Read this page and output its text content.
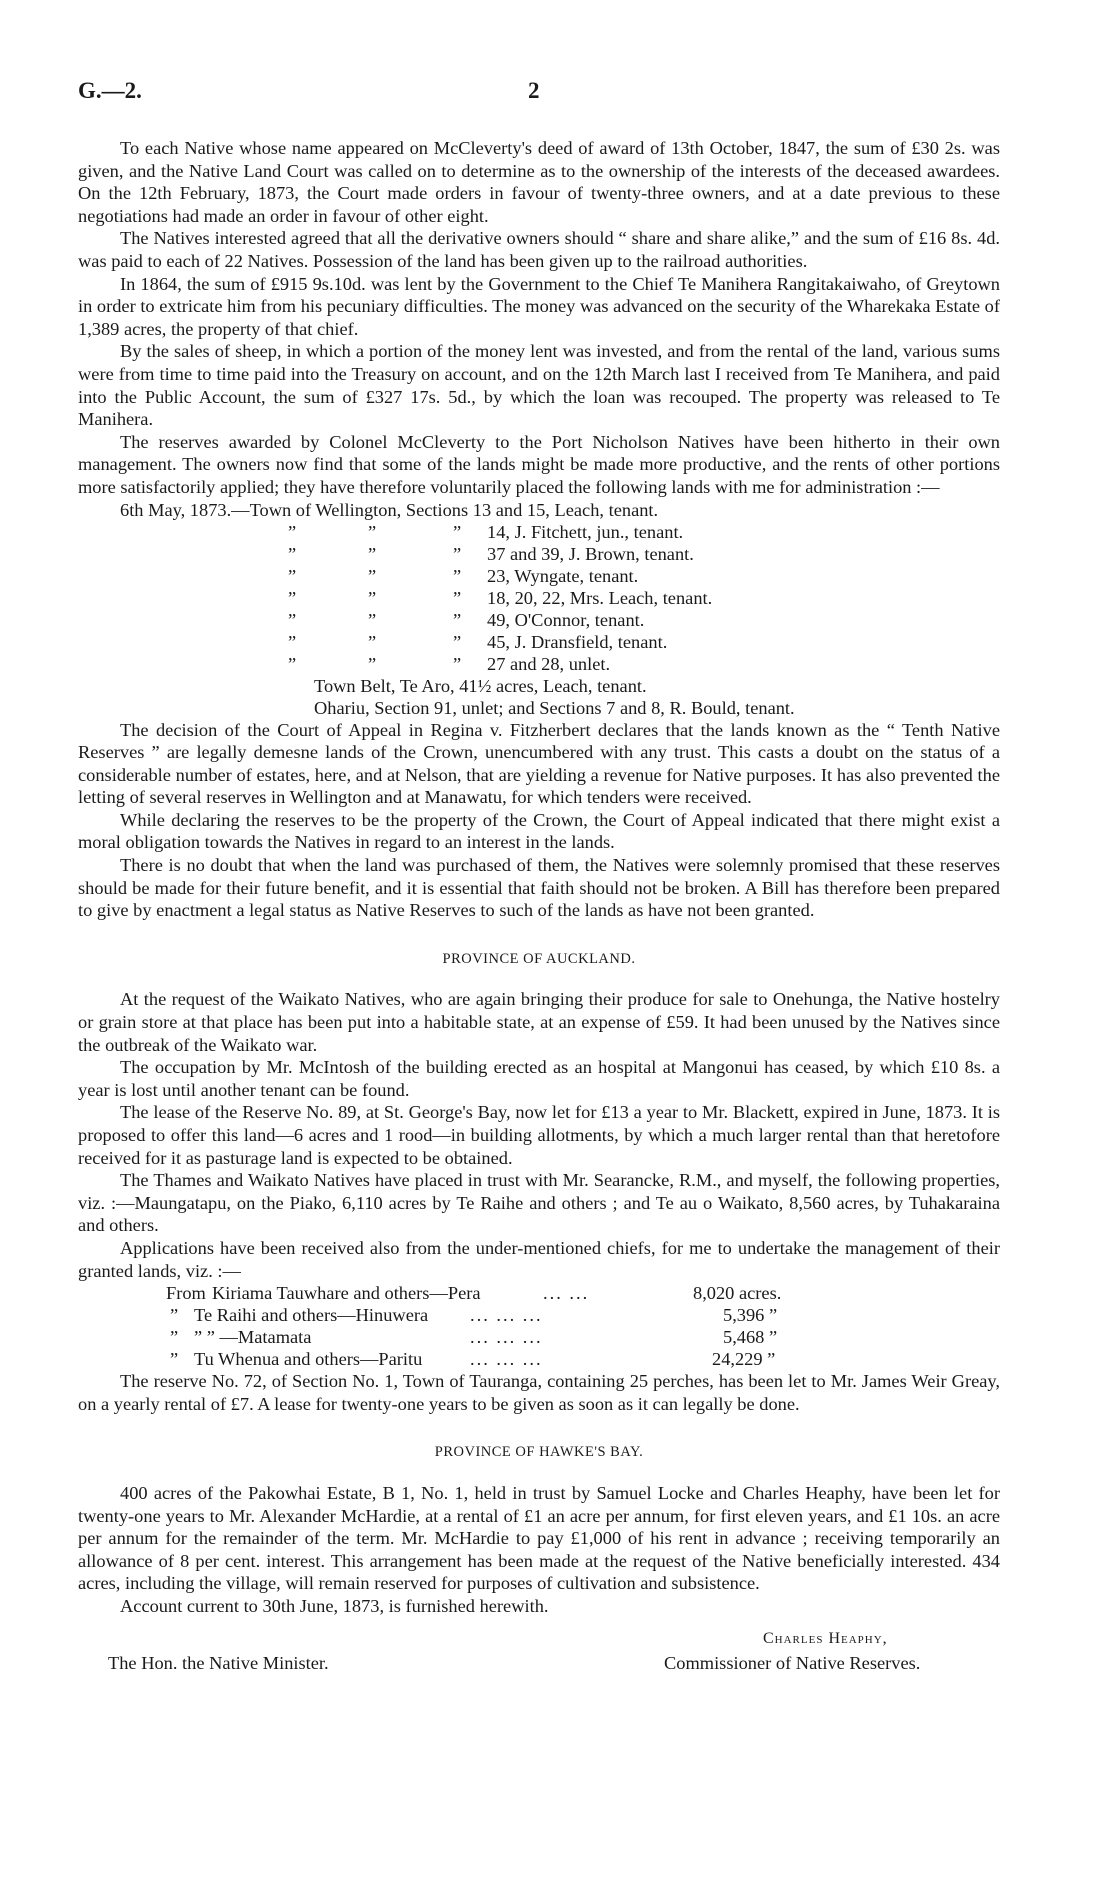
G.—2.	2

To each Native whose name appeared on McCleverty's deed of award of 13th October, 1847, the sum of £30 2s. was given, and the Native Land Court was called on to determine as to the ownership of the interests of the deceased awardees. On the 12th February, 1873, the Court made orders in favour of twenty-three owners, and at a date previous to these negotiations had made an order in favour of other eight.

The Natives interested agreed that all the derivative owners should “ share and share alike,” and the sum of £16 8s. 4d. was paid to each of 22 Natives. Possession of the land has been given up to the railroad authorities.

In 1864, the sum of £915 9s.10d. was lent by the Government to the Chief Te Manihera Rangitakaiwaho, of Greytown in order to extricate him from his pecuniary difficulties. The money was advanced on the security of the Wharekaka Estate of 1,389 acres, the property of that chief.

By the sales of sheep, in which a portion of the money lent was invested, and from the rental of the land, various sums were from time to time paid into the Treasury on account, and on the 12th March last I received from Te Manihera, and paid into the Public Account, the sum of £327 17s. 5d., by which the loan was recouped. The property was released to Te Manihera.

The reserves awarded by Colonel McCleverty to the Port Nicholson Natives have been hitherto in their own management. The owners now find that some of the lands might be made more productive, and the rents of other portions more satisfactorily applied; they have therefore voluntarily placed the following lands with me for administration :—

6th May, 1873.—Town of Wellington, Sections 13 and 15, Leach, tenant.
”	”	” 14, J. Fitchett, jun., tenant.
”	”	” 37 and 39, J. Brown, tenant.
”	”	” 23, Wyngate, tenant.
”	”	” 18, 20, 22, Mrs. Leach, tenant.
”	”	” 49, O'Connor, tenant.
”	”	” 45, J. Dransfield, tenant.
”	”	” 27 and 28, unlet.
Town Belt, Te Aro, 41½ acres, Leach, tenant.
Ohariu, Section 91, unlet; and Sections 7 and 8, R. Bould, tenant.

The decision of the Court of Appeal in Regina v. Fitzherbert declares that the lands known as the “ Tenth Native Reserves ” are legally demesne lands of the Crown, unencumbered with any trust. This casts a doubt on the status of a considerable number of estates, here, and at Nelson, that are yielding a revenue for Native purposes. It has also prevented the letting of several reserves in Wellington and at Manawatu, for which tenders were received.

While declaring the reserves to be the property of the Crown, the Court of Appeal indicated that there might exist a moral obligation towards the Natives in regard to an interest in the lands.

There is no doubt that when the land was purchased of them, the Natives were solemnly promised that these reserves should be made for their future benefit, and it is essential that faith should not be broken. A Bill has therefore been prepared to give by enactment a legal status as Native Reserves to such of the lands as have not been granted.

PROVINCE OF AUCKLAND.

At the request of the Waikato Natives, who are again bringing their produce for sale to Onehunga, the Native hostelry or grain store at that place has been put into a habitable state, at an expense of £59. It had been unused by the Natives since the outbreak of the Waikato war.

The occupation by Mr. McIntosh of the building erected as an hospital at Mangonui has ceased, by which £10 8s. a year is lost until another tenant can be found.

The lease of the Reserve No. 89, at St. George's Bay, now let for £13 a year to Mr. Blackett, expired in June, 1873. It is proposed to offer this land—6 acres and 1 rood—in building allotments, by which a much larger rental than that heretofore received for it as pasturage land is expected to be obtained.

The Thames and Waikato Natives have placed in trust with Mr. Searancke, R.M., and myself, the following properties, viz. :—Maungatapu, on the Piako, 6,110 acres by Te Raihe and others ; and Te au o Waikato, 8,560 acres, by Tuhakaraina and others.

Applications have been received also from the under-mentioned chiefs, for me to undertake the management of their granted lands, viz. :—

From Kiriama Tauwhare and others—Pera	... ...	8,020 acres.
” Te Raihi and others—Hinuwera ... ... ...	5,396 ”
” ” ” —Matamata	... ... ...	5,468 ”
” Tu Whenua and others—Paritu	... ... ...	24,229 ”

The reserve No. 72, of Section No. 1, Town of Tauranga, containing 25 perches, has been let to Mr. James Weir Greay, on a yearly rental of £7. A lease for twenty-one years to be given as soon as it can legally be done.

PROVINCE OF HAWKE'S BAY.

400 acres of the Pakowhai Estate, B 1, No. 1, held in trust by Samuel Locke and Charles Heaphy, have been let for twenty-one years to Mr. Alexander McHardie, at a rental of £1 an acre per annum, for first eleven years, and £1 10s. an acre per annum for the remainder of the term. Mr. McHardie to pay £1,000 of his rent in advance ; receiving temporarily an allowance of 8 per cent. interest. This arrangement has been made at the request of the Native beneficially interested. 434 acres, including the village, will remain reserved for purposes of cultivation and subsistence.

Account current to 30th June, 1873, is furnished herewith.

Charles Heaphy,
The Hon. the Native Minister.	Commissioner of Native Reserves.
